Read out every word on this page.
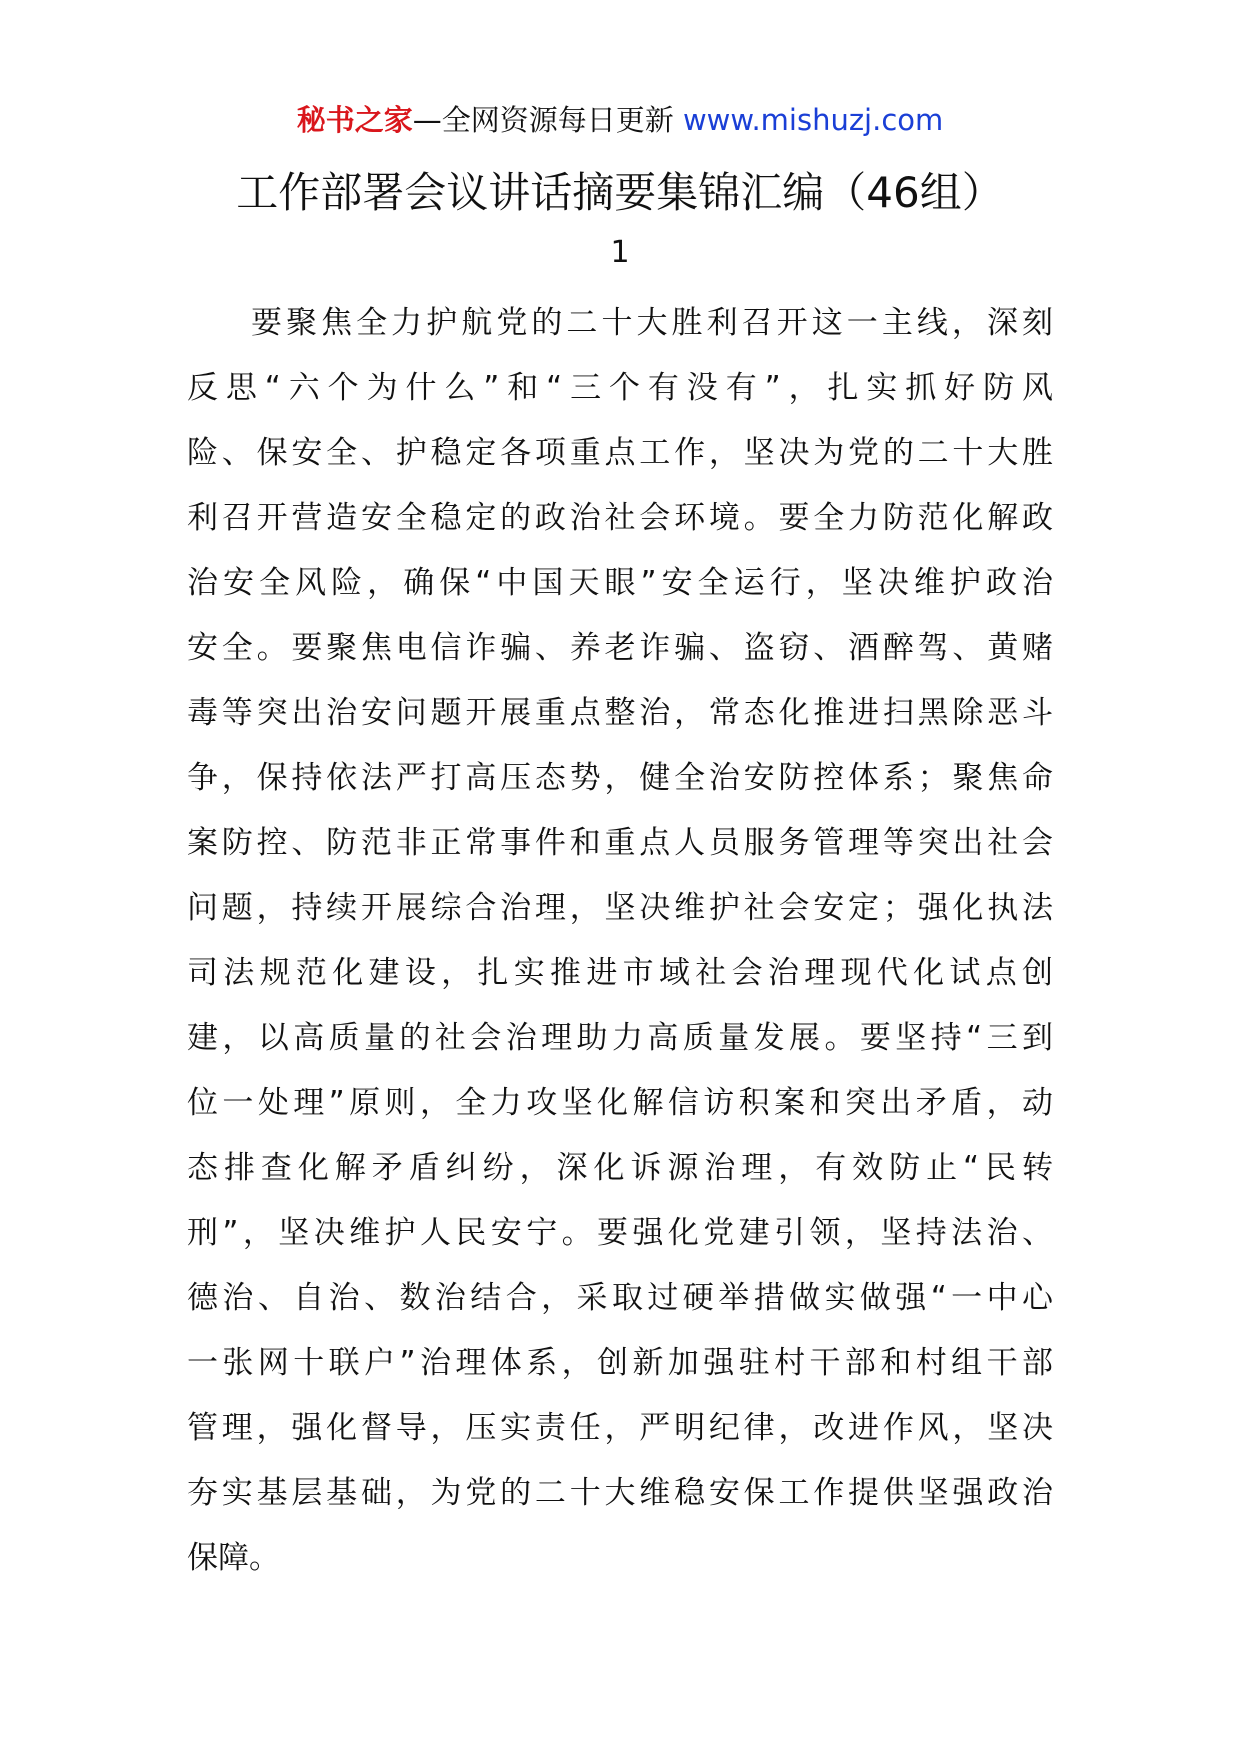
秘书之家—全网资源每日更新 www.mishuzj.com
工作部署会议讲话摘要集锦汇编（46组）
1
要聚焦全力护航党的二十大胜利召开这一主线，深刻
反思“六个为什么”和“三个有没有”，扎实抓好防风
险、保安全、护稳定各项重点工作，坚决为党的二十大胜
利召开营造安全稳定的政治社会环境。要全力防范化解政
治安全风险，确保“中国天眼”安全运行，坚决维护政治
安全。要聚焦电信诈骗、养老诈骗、盗窃、酒醉驾、黄赌
毒等突出治安问题开展重点整治，常态化推进扫黑除恶斗
争，保持依法严打高压态势，健全治安防控体系；聚焦命
案防控、防范非正常事件和重点人员服务管理等突出社会
问题，持续开展综合治理，坚决维护社会安定；强化执法
司法规范化建设，扎实推进市域社会治理现代化试点创
建，以高质量的社会治理助力高质量发展。要坚持“三到
位一处理”原则，全力攻坚化解信访积案和突出矛盾，动
态排查化解矛盾纠纷，深化诉源治理，有效防止“民转
刑”，坚决维护人民安宁。要强化党建引领，坚持法治、
德治、自治、数治结合，采取过硬举措做实做强“一中心
一张网十联户”治理体系，创新加强驻村干部和村组干部
管理，强化督导，压实责任，严明纪律，改进作风，坚决
夯实基层基础，为党的二十大维稳安保工作提供坚强政治
保障。
